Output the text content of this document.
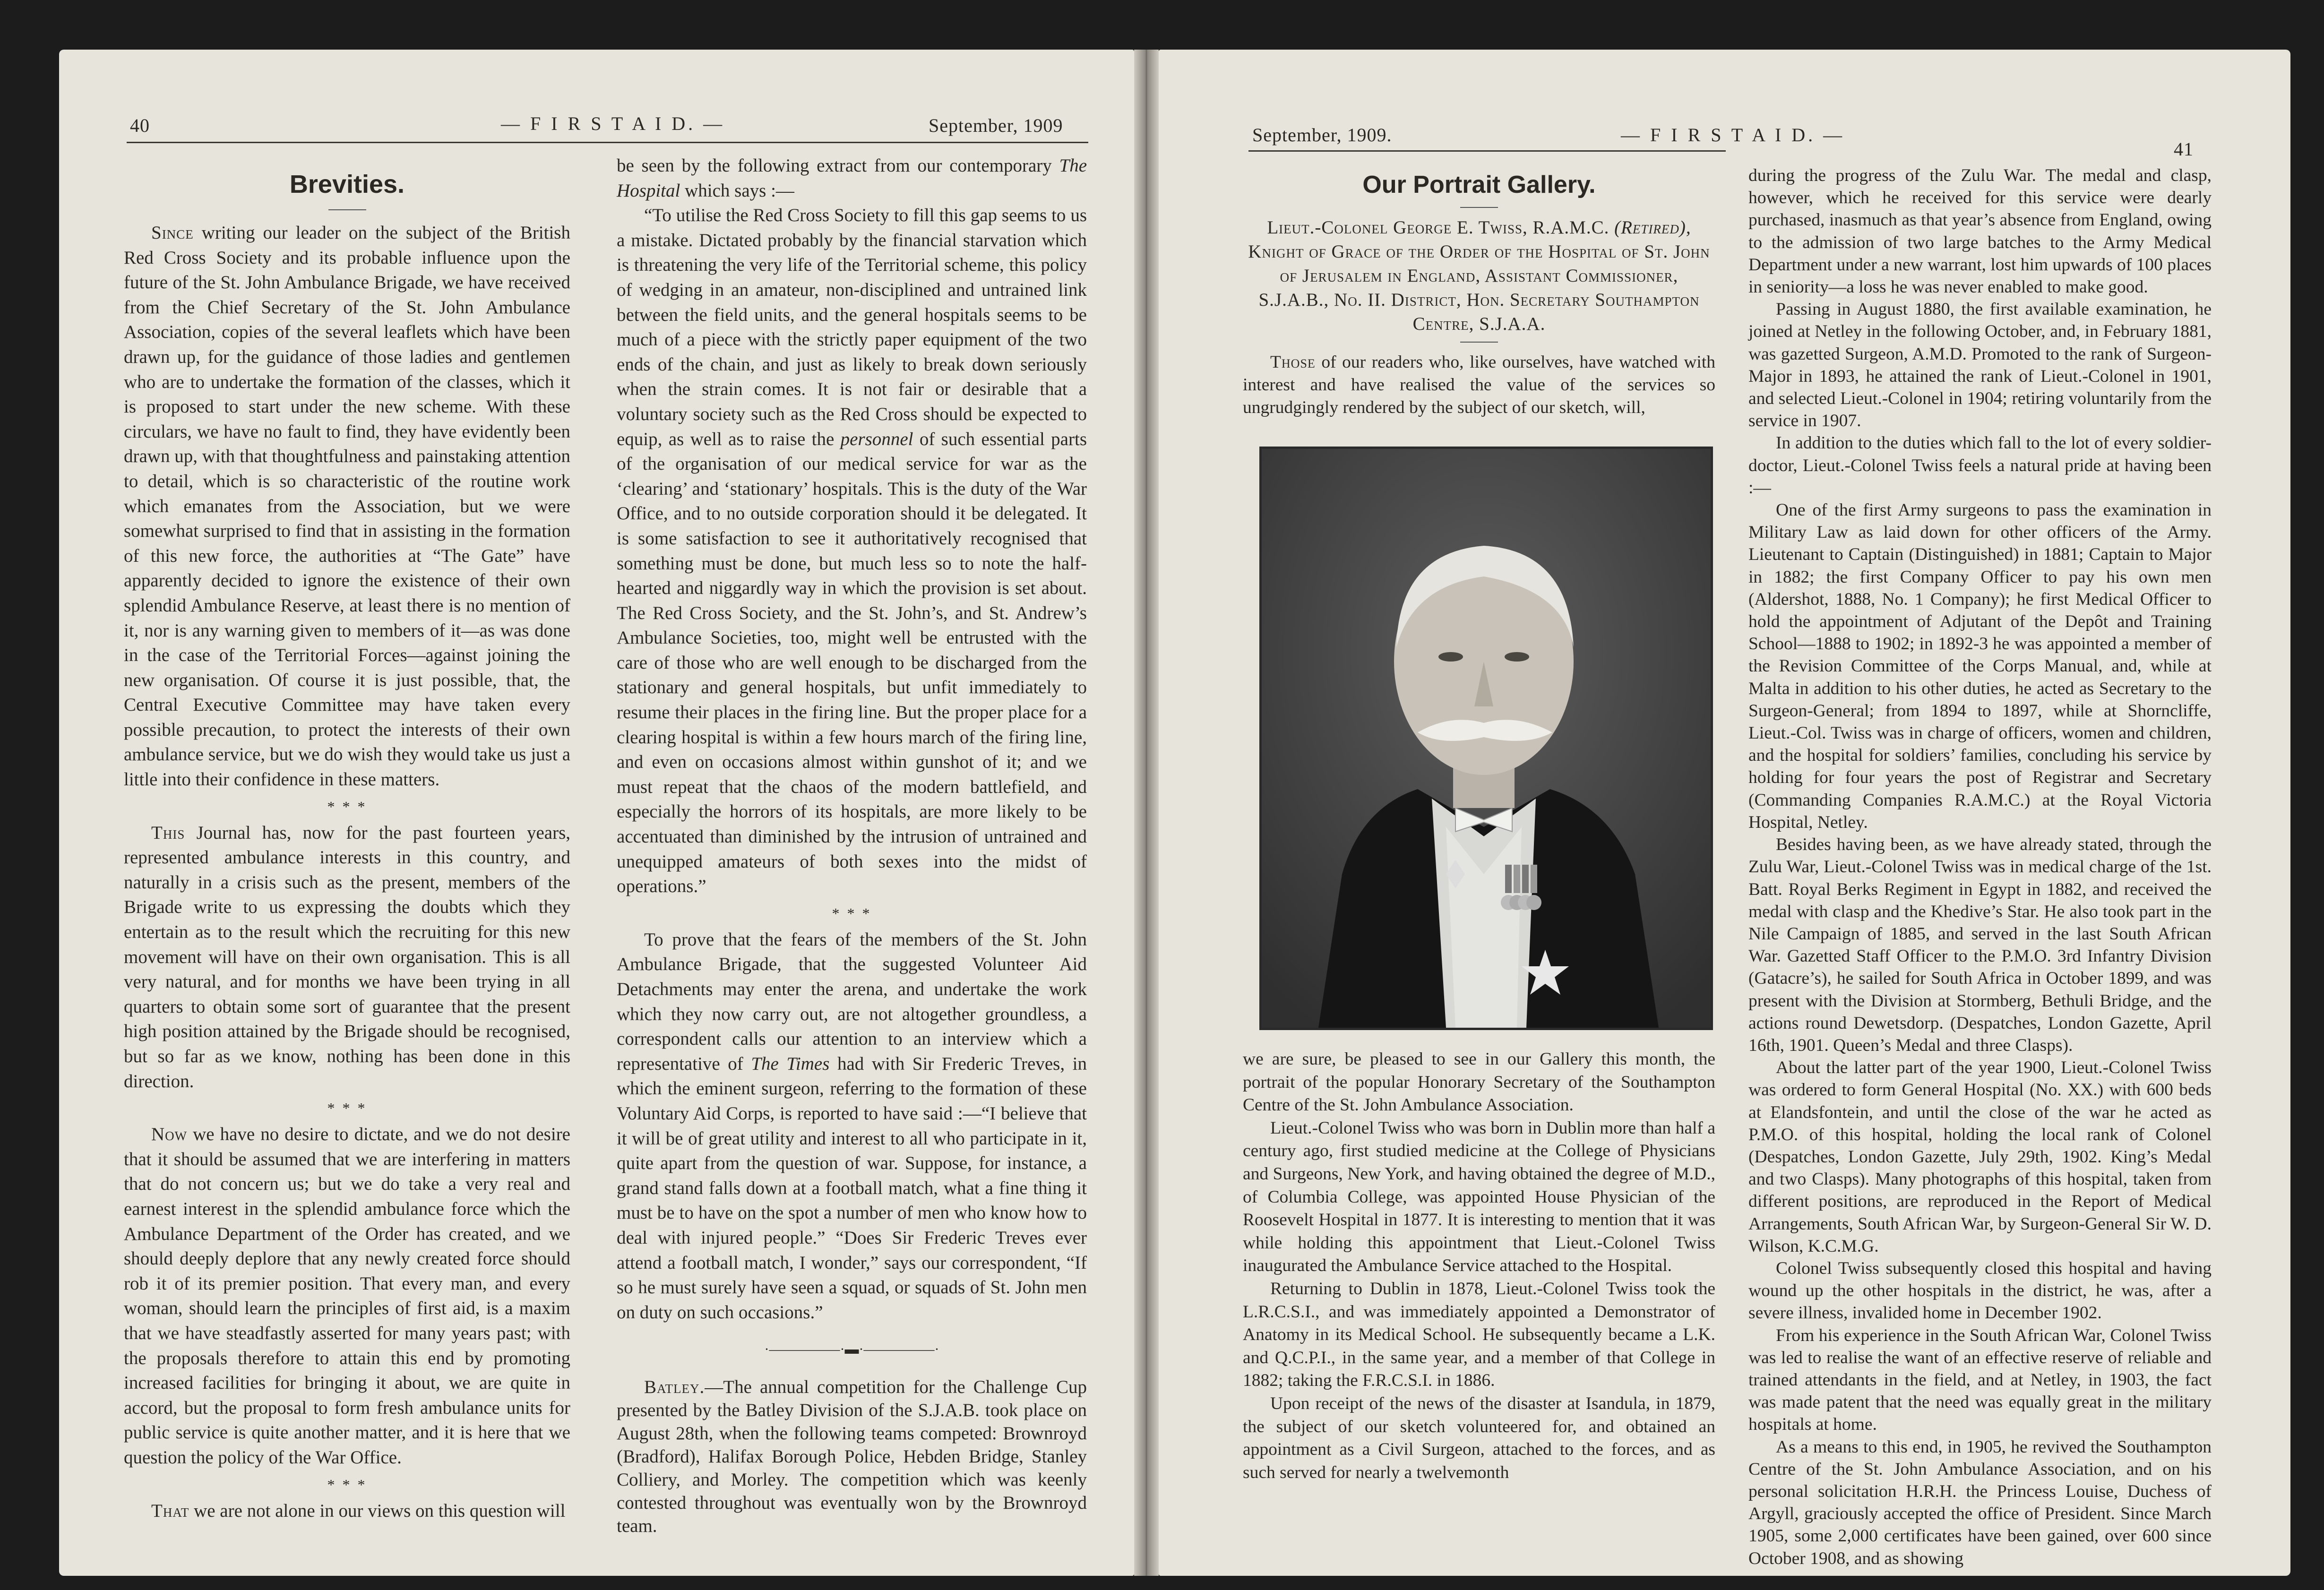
40	— F I R S T A I D. —	September, 1909
Brevities.

Since writing our leader on the subject of the British Red Cross Society and its probable influence upon the future of the St. John Ambulance Brigade, we have received from the Chief Secretary of the St. John Ambulance Association, copies of the several leaflets which have been drawn up, for the guidance of those ladies and gentlemen who are to undertake the formation of the classes, which it is proposed to start under the new scheme. With these circulars, we have no fault to find, they have evidently been drawn up, with that thoughtfulness and painstaking attention to detail, which is so characteristic of the routine work which emanates from the Association, but we were somewhat surprised to find that in assisting in the formation of this new force, the authorities at “The Gate” have apparently decided to ignore the existence of their own splendid Ambulance Reserve, at least there is no mention of it, nor is any warning given to members of it—as was done in the case of the Territorial Forces—against joining the new organisation. Of course it is just possible, that, the Central Executive Committee may have taken every possible precaution, to protect the interests of their own ambulance service, but we do wish they would take us just a little into their confidence in these matters.

* * *

This Journal has, now for the past fourteen years, represented ambulance interests in this country, and naturally in a crisis such as the present, members of the Brigade write to us expressing the doubts which they entertain as to the result which the recruiting for this new movement will have on their own organisation. This is all very natural, and for months we have been trying in all quarters to obtain some sort of guarantee that the present high position attained by the Brigade should be recognised, but so far as we know, nothing has been done in this direction.

* * *

Now we have no desire to dictate, and we do not desire that it should be assumed that we are interfering in matters that do not concern us; but we do take a very real and earnest interest in the splendid ambulance force which the Ambulance Department of the Order has created, and we should deeply deplore that any newly created force should rob it of its premier position. That every man, and every woman, should learn the principles of first aid, is a maxim that we have steadfastly asserted for many years past; with the proposals therefore to attain this end by promoting increased facilities for bringing it about, we are quite in accord, but the proposal to form fresh ambulance units for public service is quite another matter, and it is here that we question the policy of the War Office.

* * *

That we are not alone in our views on this question will

be seen by the following extract from our contemporary The Hospital which says :—

“To utilise the Red Cross Society to fill this gap seems to us a mistake. Dictated probably by the financial starvation which is threatening the very life of the Territorial scheme, this policy of wedging in an amateur, non-disciplined and untrained link between the field units, and the general hospitals seems to be much of a piece with the strictly paper equipment of the two ends of the chain, and just as likely to break down seriously when the strain comes. It is not fair or desirable that a voluntary society such as the Red Cross should be expected to equip, as well as to raise the personnel of such essential parts of the organisation of our medical service for war as the ‘clearing’ and ‘stationary’ hospitals. This is the duty of the War Office, and to no outside corporation should it be delegated. It is some satisfaction to see it authoritatively recognised that something must be done, but much less so to note the half-hearted and niggardly way in which the provision is set about. The Red Cross Society, and the St. John’s, and St. Andrew’s Ambulance Societies, too, might well be entrusted with the care of those who are well enough to be discharged from the stationary and general hospitals, but unfit immediately to resume their places in the firing line. But the proper place for a clearing hospital is within a few hours march of the firing line, and even on occasions almost within gunshot of it; and we must repeat that the chaos of the modern battlefield, and especially the horrors of its hospitals, are more likely to be accentuated than diminished by the intrusion of untrained and unequipped amateurs of both sexes into the midst of operations.”

* * *

To prove that the fears of the members of the St. John Ambulance Brigade, that the suggested Volunteer Aid Detachments may enter the arena, and undertake the work which they now carry out, are not altogether groundless, a correspondent calls our attention to an interview which a representative of The Times had with Sir Frederic Treves, in which the eminent surgeon, referring to the formation of these Voluntary Aid Corps, is reported to have said :—“I believe that it will be of great utility and interest to all who participate in it, quite apart from the question of war. Suppose, for instance, a grand stand falls down at a football match, what a fine thing it must be to have on the spot a number of men who know how to deal with injured people.” “Does Sir Frederic Treves ever attend a football match, I wonder,” says our correspondent, “If so he must surely have seen a squad, or squads of St. John men on duty on such occasions.”

·—————·▬·—————·

Batley.—The annual competition for the Challenge Cup presented by the Batley Division of the S.J.A.B. took place on August 28th, when the following teams competed: Brownroyd (Bradford), Halifax Borough Police, Hebden Bridge, Stanley Colliery, and Morley. The competition which was keenly contested throughout was eventually won by the Brownroyd team.

September, 1909.	— F I R S T A I D. —
41
Our Portrait Gallery.
Lieut.-Colonel George E. Twiss, R.A.M.C. (Retired), Knight of Grace of the Order of the Hospital of St. John of Jerusalem in England, Assistant Commissioner, S.J.A.B., No. II. District, Hon. Secretary Southampton Centre, S.J.A.A.

Those of our readers who, like ourselves, have watched with interest and have realised the value of the services so ungrudgingly rendered by the subject of our sketch, will,

we are sure, be pleased to see in our Gallery this month, the portrait of the popular Honorary Secretary of the Southampton Centre of the St. John Ambulance Association.

Lieut.-Colonel Twiss who was born in Dublin more than half a century ago, first studied medicine at the College of Physicians and Surgeons, New York, and having obtained the degree of M.D., of Columbia College, was appointed House Physician of the Roosevelt Hospital in 1877. It is interesting to mention that it was while holding this appointment that Lieut.-Colonel Twiss inaugurated the Ambulance Service attached to the Hospital.

Returning to Dublin in 1878, Lieut.-Colonel Twiss took the L.R.C.S.I., and was immediately appointed a Demonstrator of Anatomy in its Medical School. He subsequently became a L.K. and Q.C.P.I., in the same year, and a member of that College in 1882; taking the F.R.C.S.I. in 1886.

Upon receipt of the news of the disaster at Isandula, in 1879, the subject of our sketch volunteered for, and obtained an appointment as a Civil Surgeon, attached to the forces, and as such served for nearly a twelvemonth

during the progress of the Zulu War. The medal and clasp, however, which he received for this service were dearly purchased, inasmuch as that year’s absence from England, owing to the admission of two large batches to the Army Medical Department under a new warrant, lost him upwards of 100 places in seniority—a loss he was never enabled to make good.

Passing in August 1880, the first available examination, he joined at Netley in the following October, and, in February 1881, was gazetted Surgeon, A.M.D. Promoted to the rank of Surgeon-Major in 1893, he attained the rank of Lieut.-Colonel in 1901, and selected Lieut.-Colonel in 1904; retiring voluntarily from the service in 1907.

In addition to the duties which fall to the lot of every soldier-doctor, Lieut.-Colonel Twiss feels a natural pride at having been :—

One of the first Army surgeons to pass the examination in Military Law as laid down for other officers of the Army. Lieutenant to Captain (Distinguished) in 1881; Captain to Major in 1882; the first Company Officer to pay his own men (Aldershot, 1888, No. 1 Company); he first Medical Officer to hold the appointment of Adjutant of the Depôt and Training School—1888 to 1902; in 1892-3 he was appointed a member of the Revision Committee of the Corps Manual, and, while at Malta in addition to his other duties, he acted as Secretary to the Surgeon-General; from 1894 to 1897, while at Shorncliffe, Lieut.-Col. Twiss was in charge of officers, women and children, and the hospital for soldiers’ families, concluding his service by holding for four years the post of Registrar and Secretary (Commanding Companies R.A.M.C.) at the Royal Victoria Hospital, Netley.

Besides having been, as we have already stated, through the Zulu War, Lieut.-Colonel Twiss was in medical charge of the 1st. Batt. Royal Berks Regiment in Egypt in 1882, and received the medal with clasp and the Khedive’s Star. He also took part in the Nile Campaign of 1885, and served in the last South African War. Gazetted Staff Officer to the P.M.O. 3rd Infantry Division (Gatacre’s), he sailed for South Africa in October 1899, and was present with the Division at Stormberg, Bethuli Bridge, and the actions round Dewetsdorp. (Despatches, London Gazette, April 16th, 1901. Queen’s Medal and three Clasps).

About the latter part of the year 1900, Lieut.-Colonel Twiss was ordered to form General Hospital (No. XX.) with 600 beds at Elandsfontein, and until the close of the war he acted as P.M.O. of this hospital, holding the local rank of Colonel (Despatches, London Gazette, July 29th, 1902. King’s Medal and two Clasps). Many photographs of this hospital, taken from different positions, are reproduced in the Report of Medical Arrangements, South African War, by Surgeon-General Sir W. D. Wilson, K.C.M.G.

Colonel Twiss subsequently closed this hospital and having wound up the other hospitals in the district, he was, after a severe illness, invalided home in December 1902.

From his experience in the South African War, Colonel Twiss was led to realise the want of an effective reserve of reliable and trained attendants in the field, and at Netley, in 1903, the fact was made patent that the need was equally great in the military hospitals at home.

As a means to this end, in 1905, he revived the Southampton Centre of the St. John Ambulance Association, and on his personal solicitation H.R.H. the Princess Louise, Duchess of Argyll, graciously accepted the office of President. Since March 1905, some 2,000 certificates have been gained, over 600 since October 1908, and as showing
